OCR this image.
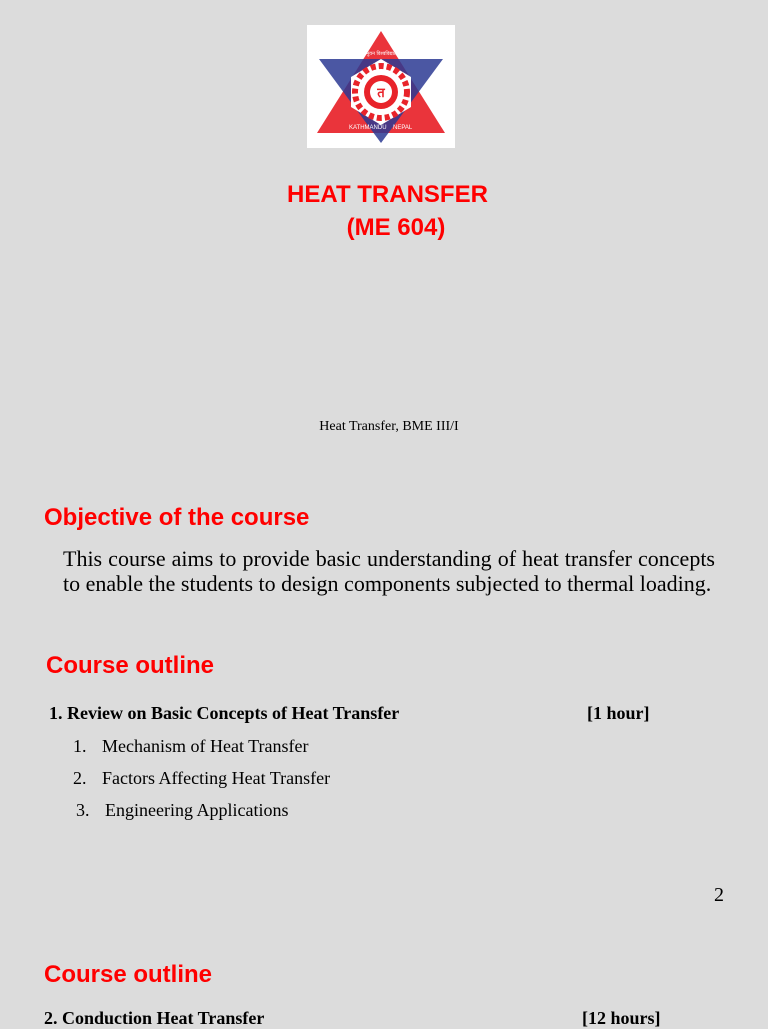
त
KATHMANDU NEPAL
त्रिभुवन विश्वविद्यालय
HEAT TRANSFER
(ME 604)
Heat Transfer, BME III/I
Objective of the course
This course aims to provide basic understanding of heat transfer concepts to enable the students to design components subjected to thermal loading.
Course outline
1. Review on Basic Concepts of Heat Transfer	[1 hour]
1. Mechanism of Heat Transfer
2. Factors Affecting Heat Transfer
3. Engineering Applications
2
Course outline
2. Conduction Heat Transfer	[12 hours]
